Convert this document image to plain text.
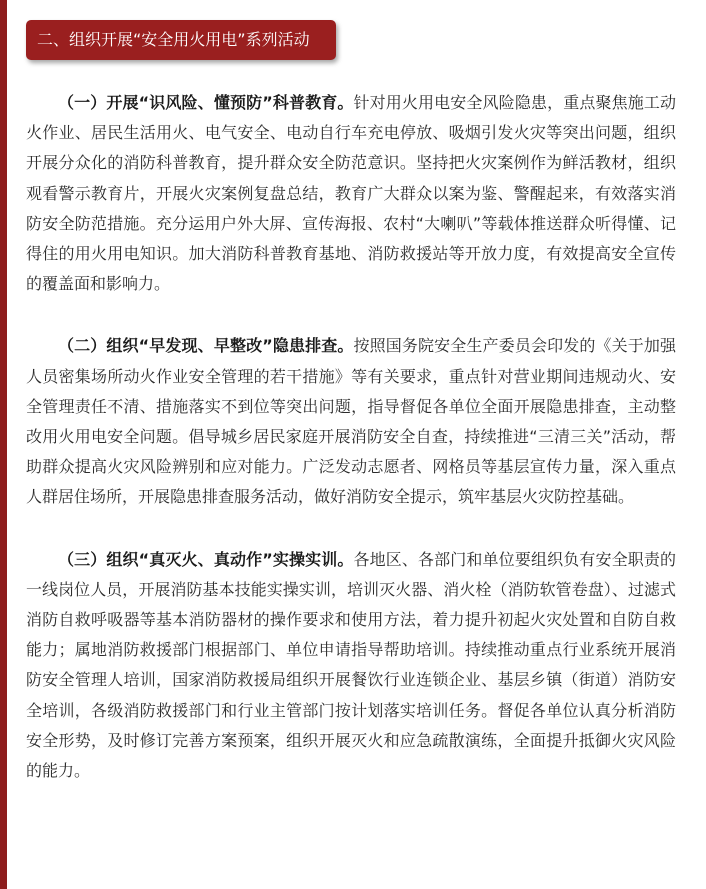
二、组织开展“安全用火用电”系列活动

（一）开展“识风险、懂预防”科普教育。针对用火用电安全风险隐患，重点聚焦施工动火作业、居民生活用火、电气安全、电动自行车充电停放、吸烟引发火灾等突出问题，组织开展分众化的消防科普教育，提升群众安全防范意识。坚持把火灾案例作为鲜活教材，组织观看警示教育片，开展火灾案例复盘总结，教育广大群众以案为鉴、警醒起来，有效落实消防安全防范措施。充分运用户外大屏、宣传海报、农村“大喇叭”等载体推送群众听得懂、记得住的用火用电知识。加大消防科普教育基地、消防救援站等开放力度，有效提高安全宣传的覆盖面和影响力。

（二）组织“早发现、早整改”隐患排查。按照国务院安全生产委员会印发的《关于加强人员密集场所动火作业安全管理的若干措施》等有关要求，重点针对营业期间违规动火、安全管理责任不清、措施落实不到位等突出问题，指导督促各单位全面开展隐患排查，主动整改用火用电安全问题。倡导城乡居民家庭开展消防安全自查，持续推进“三清三关”活动，帮助群众提高火灾风险辨别和应对能力。广泛发动志愿者、网格员等基层宣传力量，深入重点人群居住场所，开展隐患排查服务活动，做好消防安全提示，筑牢基层火灾防控基础。

（三）组织“真灭火、真动作”实操实训。各地区、各部门和单位要组织负有安全职责的一线岗位人员，开展消防基本技能实操实训，培训灭火器、消火栓（消防软管卷盘）、过滤式消防自救呼吸器等基本消防器材的操作要求和使用方法，着力提升初起火灾处置和自防自救能力；属地消防救援部门根据部门、单位申请指导帮助培训。持续推动重点行业系统开展消防安全管理人培训，国家消防救援局组织开展餐饮行业连锁企业、基层乡镇（街道）消防安全培训，各级消防救援部门和行业主管部门按计划落实培训任务。督促各单位认真分析消防安全形势，及时修订完善方案预案，组织开展灭火和应急疏散演练，全面提升抵御火灾风险的能力。
